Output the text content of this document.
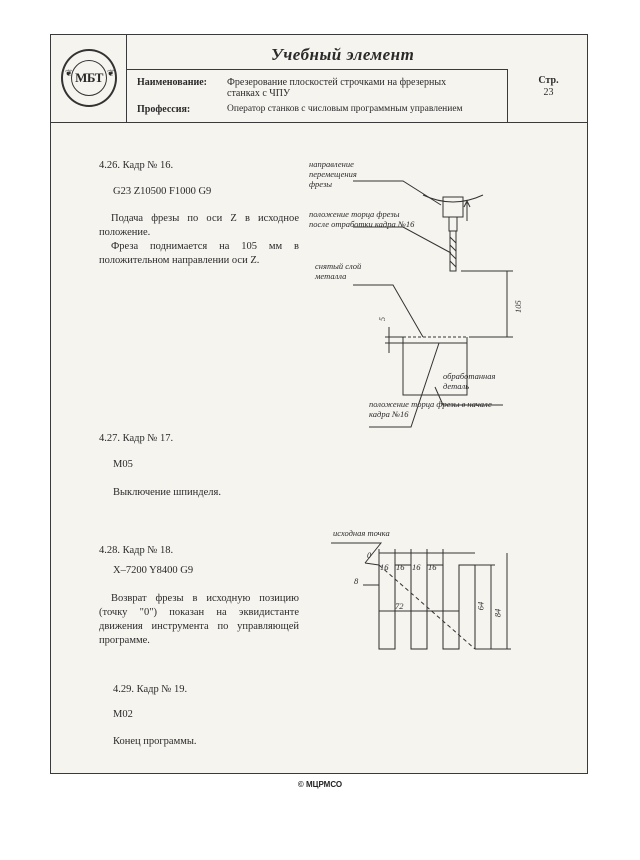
МБТ
❦	❦
Учебный элемент
Наименование: Фрезерование плоскостей строчками на фрезерных
станках с ЧПУ
Профессия:	Оператор станков с числовым программным управлением
Стр.
23
4.26. Кадр № 16.
G23 Z10500 F1000 G9
Подача фрезы по оси Z в исходное положение.
Фреза поднимается на 105 мм в положительном направлении оси Z.
4.27. Кадр № 17.
M05
Выключение шпинделя.
4.28. Кадр № 18.
X–7200 Y8400 G9
Возврат фрезы в исходную позицию (точку "0") показан на эквидистанте движения инструмента по управляющей программе.
4.29. Кадр № 19.
M02
Конец программы.
5
105
направление перемещения фрезы
положение торца фрезы после отработки кадра №16
снятый слой металла
обработанная деталь
положение торца фрезы в начале кадра №16
исходная точка
0
16 16 16 16
8
72	64
84
© МЦРМСО
